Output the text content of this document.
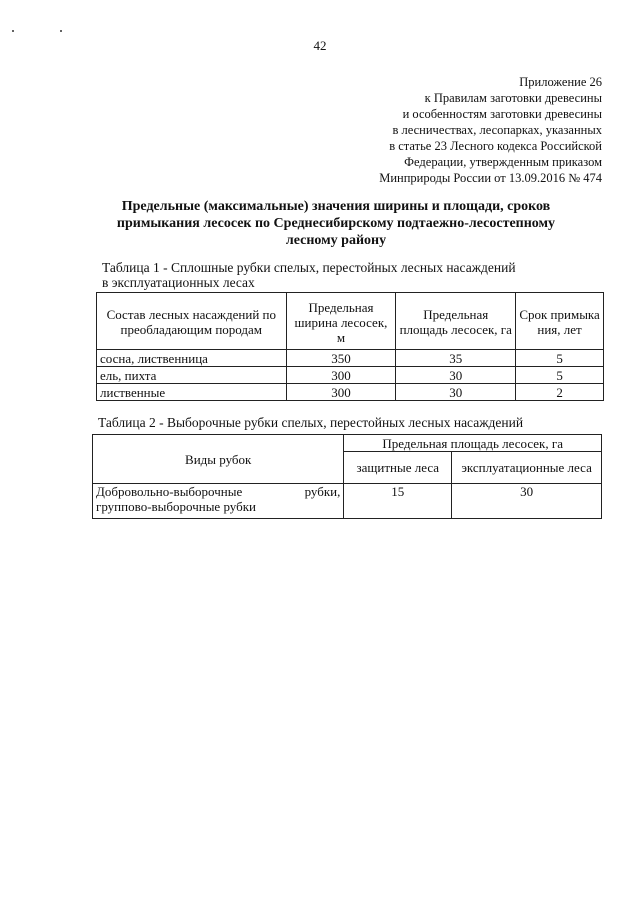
42
Приложение 26
к Правилам заготовки древесины
и особенностям заготовки древесины
в лесничествах, лесопарках, указанных
в статье 23 Лесного кодекса Российской
Федерации, утвержденным приказом
Минприроды России от 13.09.2016 № 474
Предельные (максимальные) значения ширины и площади, сроков примыкания лесосек по Среднесибирскому подтаежно-лесостепному лесному району
Таблица 1 - Сплошные рубки спелых, перестойных лесных насаждений
в эксплуатационных лесах
Состав лесных насаждений по преобладающим породам	Предельная ширина лесосек, м	Предельная площадь лесосек, га	Срок примыка ния, лет
сосна, лиственница	350	35	5
ель, пихта	300	30	5
лиственные	300	30	2
Таблица 2 - Выборочные рубки спелых, перестойных лесных насаждений
Виды рубок	Предельная площадь лесосек, га	
	защитные леса	эксплуатационные леса

Добровольно-выборочные рубки,
групповo-выборочные рубки	15	30
